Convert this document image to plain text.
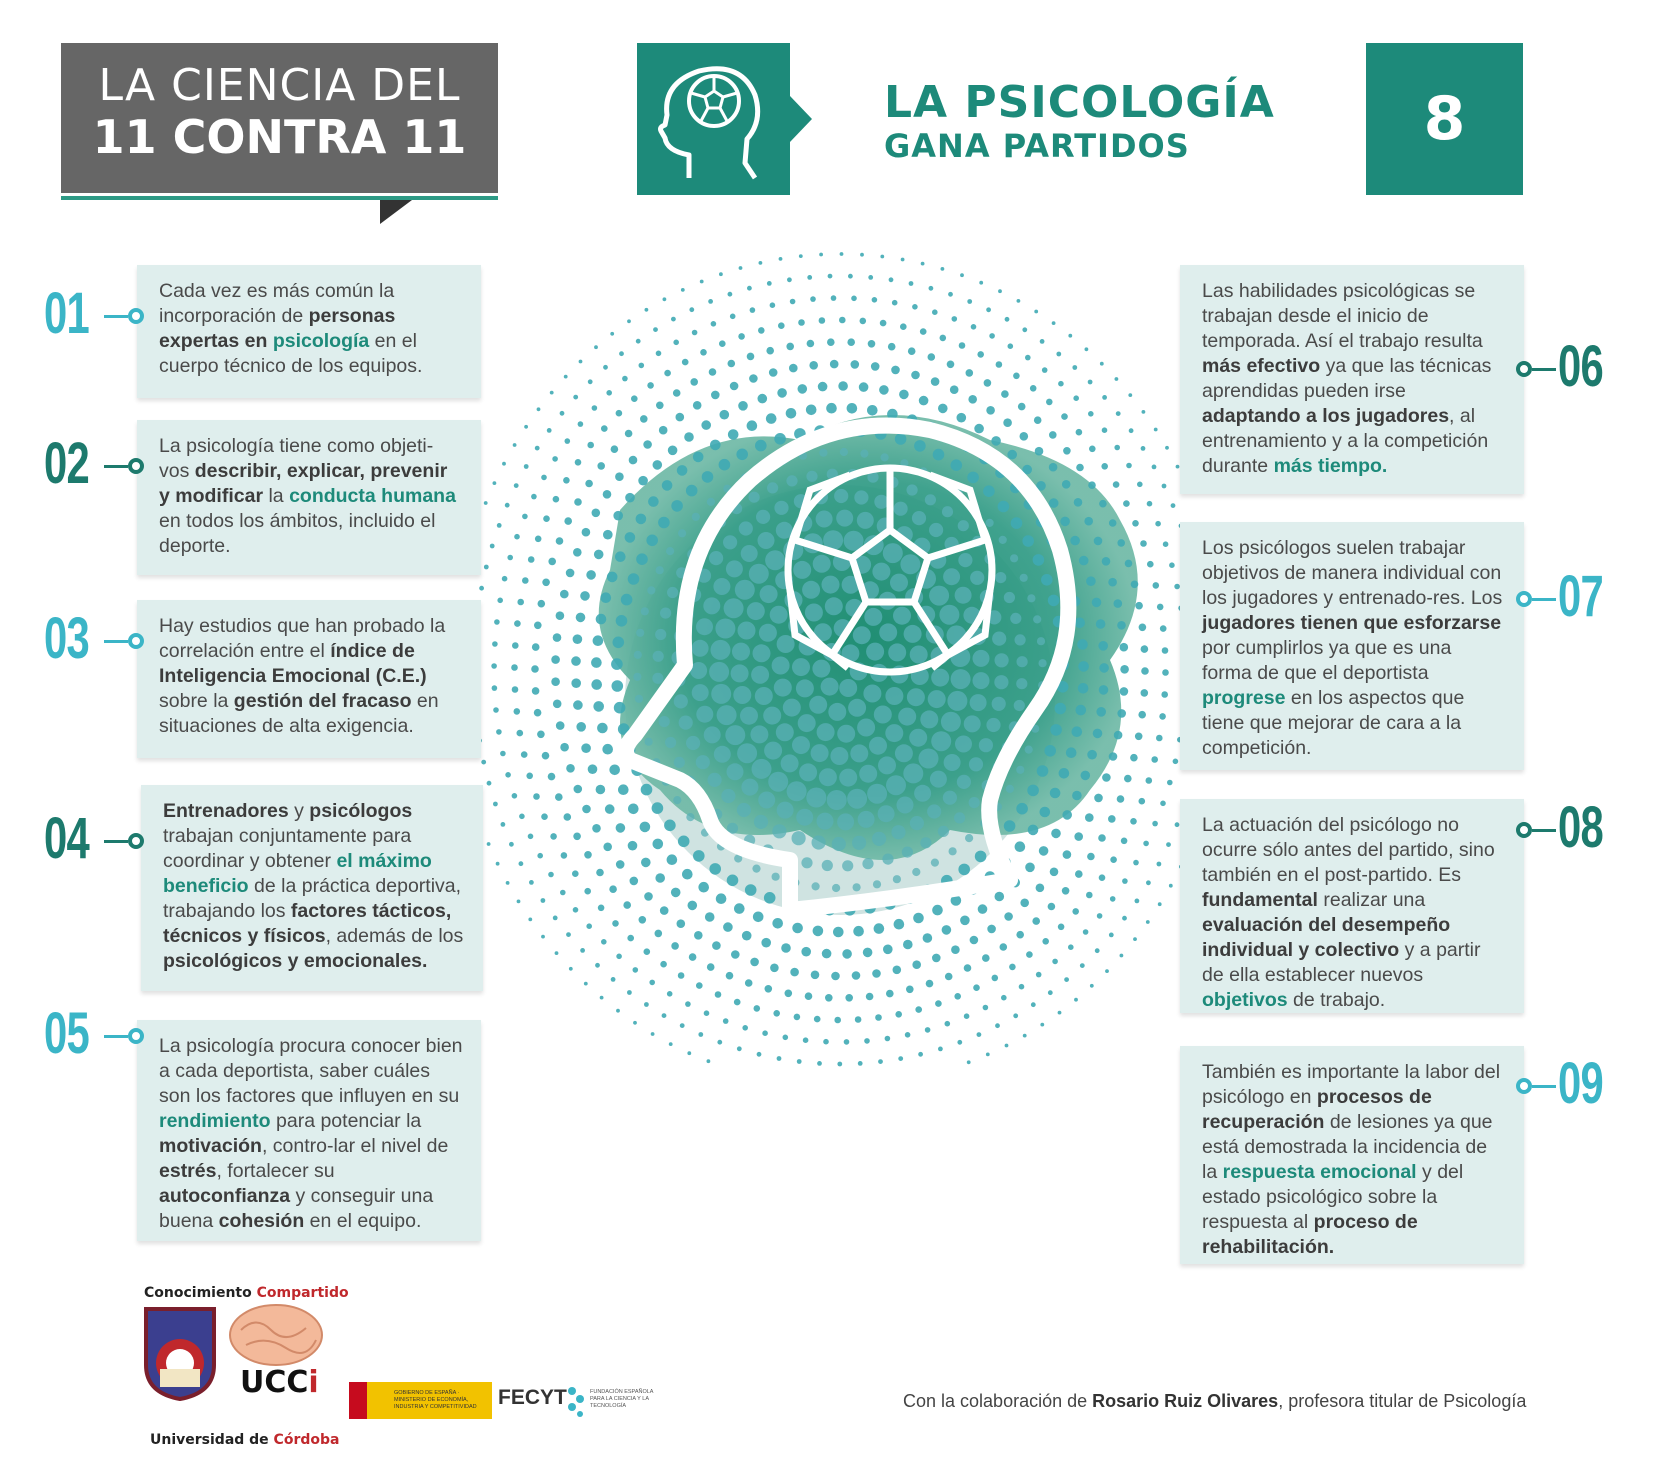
LA CIENCIA DEL
11 CONTRA 11
LA PSICOLOGÍA
GANA PARTIDOS	8
Cada vez es más común la incorporación de personas expertas en psicología en el cuerpo técnico de los equipos.
01
La psicología tiene como objeti-vos describir, explicar, prevenir y modificar la conducta humana en todos los ámbitos, incluido el deporte.
02
Hay estudios que han probado la correlación entre el índice de Inteligencia Emocional (C.E.) sobre la gestión del fracaso en situaciones de alta exigencia.
03
Entrenadores y psicólogos trabajan conjuntamente para coordinar y obtener el máximo beneficio de la práctica deportiva, trabajando los factores tácticos, técnicos y físicos, además de los psicológicos y emocionales.
04
La psicología procura conocer bien a cada deportista, saber cuáles son los factores que influyen en su rendimiento para potenciar la motivación, contro-lar el nivel de estrés, fortalecer su autoconfianza y conseguir una buena cohesión en el equipo.
05
Las habilidades psicológicas se trabajan desde el inicio de temporada. Así el trabajo resulta más efectivo ya que las técnicas aprendidas pueden irse adaptando a los jugadores, al entrenamiento y a la competición durante más tiempo.
06
Los psicólogos suelen trabajar objetivos de manera individual con los jugadores y entrenado-res. Los jugadores tienen que esforzarse por cumplirlos ya que es una forma de que el deportista progrese en los aspectos que tiene que mejorar de cara a la competición.
07
La actuación del psicólogo no ocurre sólo antes del partido, sino también en el post-partido. Es fundamental realizar una evaluación del desempeño individual y colectivo y a partir de ella establecer nuevos objetivos de trabajo.
08
También es importante la labor del psicólogo en procesos de recuperación de lesiones ya que está demostrada la incidencia de la respuesta emocional y del estado psicológico sobre la respuesta al proceso de rehabilitación.
09
Conocimiento Compartido
UCCi
Universidad de Córdoba
GOBIERNO DE ESPAÑA · MINISTERIO DE ECONOMÍA, INDUSTRIA Y COMPETITIVIDAD	FECYT	FUNDACIÓN ESPAÑOLA PARA LA CIENCIA Y LA TECNOLOGÍA	Con la colaboración de Rosario Ruiz Olivares, profesora titular de Psicología
